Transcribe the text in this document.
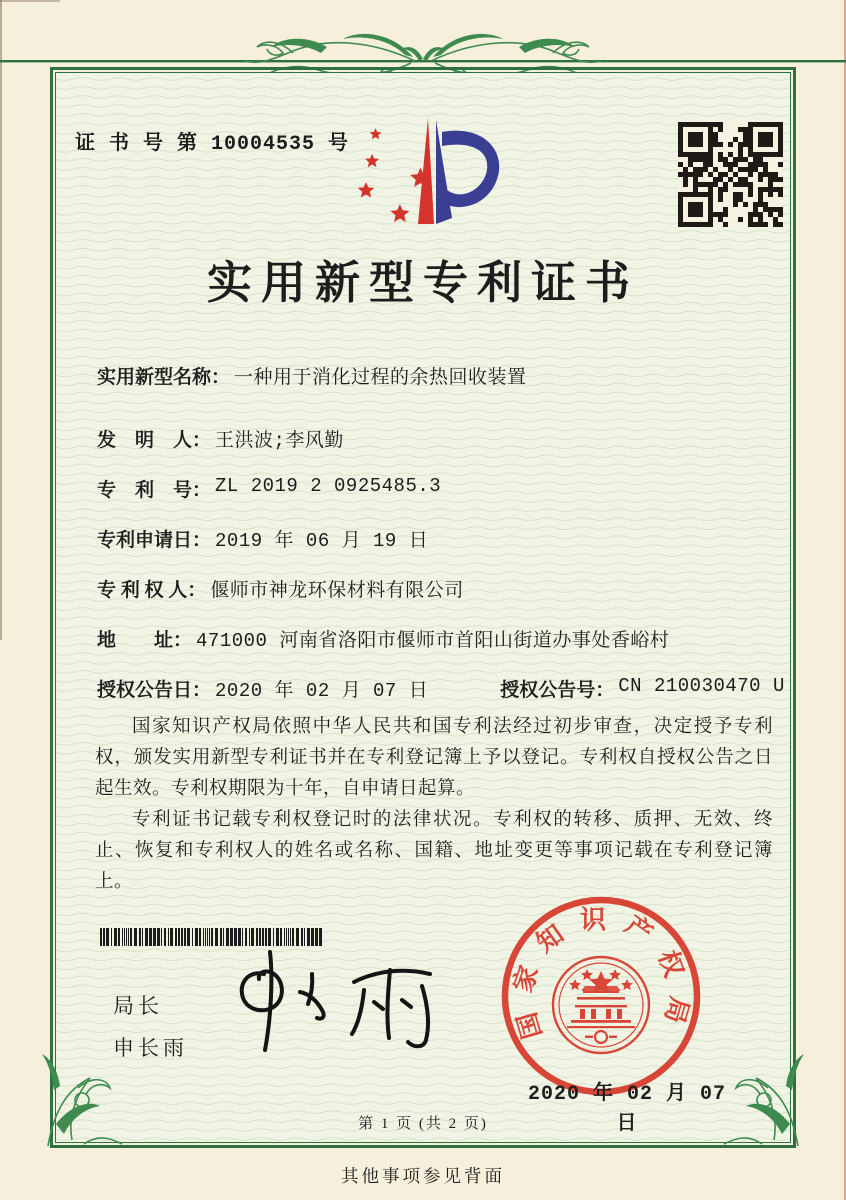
证 书 号 第 10004535 号
实用新型专利证书
实用新型名称： 一种用于消化过程的余热回收装置
发　明　人： 王洪波;李风勤
专　利　号： ZL 2019 2 0925485.3
专利申请日： 2019 年 06 月 19 日
专 利 权 人： 偃师市神龙环保材料有限公司
地　　址： 471000 河南省洛阳市偃师市首阳山街道办事处香峪村
授权公告日： 2020 年 02 月 07 日	授权公告号： CN 210030470 U

国家知识产权局依照中华人民共和国专利法经过初步审查，决定授予专利权，颁发实用新型专利证书并在专利登记簿上予以登记。专利权自授权公告之日起生效。专利权期限为十年，自申请日起算。

专利证书记载专利权登记时的法律状况。专利权的转移、质押、无效、终止、恢复和专利权人的姓名或名称、国籍、地址变更等事项记载在专利登记簿上。

局长
申长雨
国家知识产权局
2020 年 02 月 07 日
第 1 页 (共 2 页)
其他事项参见背面
